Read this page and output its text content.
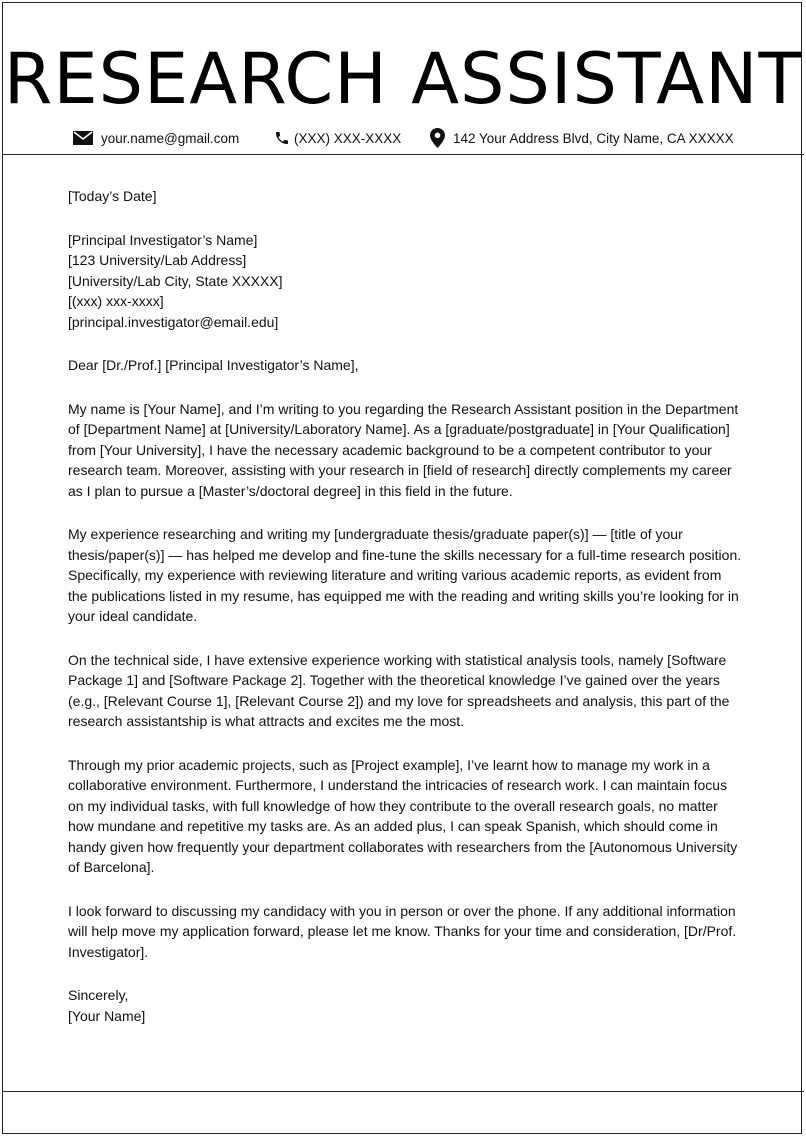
RESEARCH ASSISTANT
your.name@gmail.com	(XXX) XXX-XXXX	142 Your Address Blvd, City Name, CA XXXXX

[Today’s Date]

[Principal Investigator’s Name]

[123 University/Lab Address]

[University/Lab City, State XXXXX]

[(xxx) xxx-xxxx]

[principal.investigator@email.edu]

Dear [Dr./Prof.] [Principal Investigator’s Name],

My name is [Your Name], and I’m writing to you regarding the Research Assistant position in the Department of [Department Name] at [University/Laboratory Name]. As a [graduate/postgraduate] in [Your Qualification] from [Your University], I have the necessary academic background to be a competent contributor to your research team. Moreover, assisting with your research in [field of research] directly complements my career as I plan to pursue a [Master’s/doctoral degree] in this field in the future.

My experience researching and writing my [undergraduate thesis/graduate paper(s)] — [title of your thesis/paper(s)] — has helped me develop and fine-tune the skills necessary for a full-time research position. Specifically, my experience with reviewing literature and writing various academic reports, as evident from the publications listed in my resume, has equipped me with the reading and writing skills you’re looking for in your ideal candidate.

On the technical side, I have extensive experience working with statistical analysis tools, namely [Software Package 1] and [Software Package 2]. Together with the theoretical knowledge I’ve gained over the years (e.g., [Relevant Course 1], [Relevant Course 2]) and my love for spreadsheets and analysis, this part of the research assistantship is what attracts and excites me the most.

Through my prior academic projects, such as [Project example], I’ve learnt how to manage my work in a collaborative environment. Furthermore, I understand the intricacies of research work. I can maintain focus on my individual tasks, with full knowledge of how they contribute to the overall research goals, no matter how mundane and repetitive my tasks are. As an added plus, I can speak Spanish, which should come in handy given how frequently your department collaborates with researchers from the [Autonomous University of Barcelona].

I look forward to discussing my candidacy with you in person or over the phone. If any additional information will help move my application forward, please let me know. Thanks for your time and consideration, [Dr/Prof. Investigator].

Sincerely,

[Your Name]
